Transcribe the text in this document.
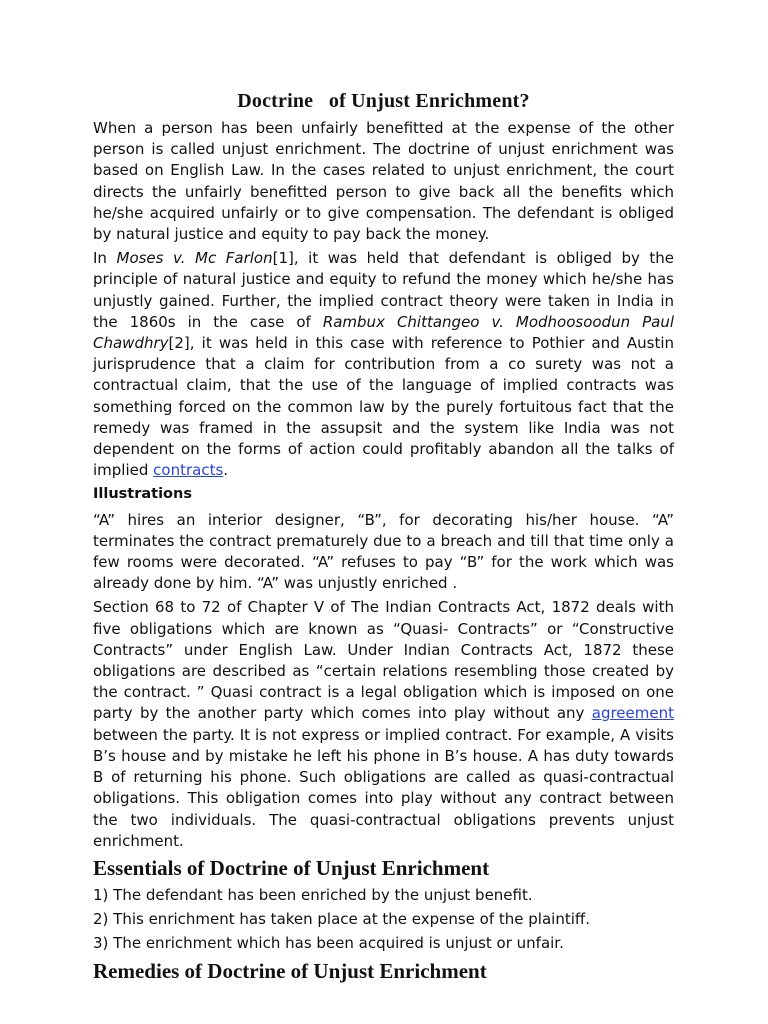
Doctrine   of Unjust Enrichment?

When a person has been unfairly benefitted at the expense of the other person is called unjust enrichment. The doctrine of unjust enrichment was based on English Law. In the cases related to unjust enrichment, the court directs the unfairly benefitted person to give back all the benefits which he/she acquired unfairly or to give compensation. The defendant is obliged by natural justice and equity to pay back the money.

In Moses v. Mc Farlon[1], it was held that defendant is obliged by the principle of natural justice and equity to refund the money which he/she has unjustly gained. Further, the implied contract theory were taken in India in the 1860s in the case of Rambux Chittangeo v. Modhoosoodun Paul Chawdhry[2], it was held in this case with reference to Pothier and Austin jurisprudence that a claim for contribution from a co surety was not a contractual claim, that the use of the language of implied contracts was something forced on the common law by the purely fortuitous fact that the remedy was framed in the assupsit and the system like India was not dependent on the forms of action could profitably abandon all the talks of implied contracts.

Illustrations

“A” hires an interior designer, “B”, for decorating his/her house. “A” terminates the contract prematurely due to a breach and till that time only a few rooms were decorated. “A” refuses to pay “B” for the work which was already done by him. “A” was unjustly enriched .

Section 68 to 72 of Chapter V of The Indian Contracts Act, 1872 deals with five obligations which are known as “Quasi- Contracts” or “Constructive Contracts” under English Law. Under Indian Contracts Act, 1872 these obligations are described as “certain relations resembling those created by the contract. ” Quasi contract is a legal obligation which is imposed on one party by the another party which comes into play without any agreement between the party. It is not express or implied contract. For example, A visits B’s house and by mistake he left his phone in B’s house. A has duty towards B of returning his phone. Such obligations are called as quasi-contractual obligations. This obligation comes into play without any contract between the two individuals. The quasi-contractual obligations prevents unjust enrichment.

Essentials of Doctrine of Unjust Enrichment
1) The defendant has been enriched by the unjust benefit.
2) This enrichment has taken place at the expense of the plaintiff.
3) The enrichment which has been acquired is unjust or unfair.
Remedies of Doctrine of Unjust Enrichment
